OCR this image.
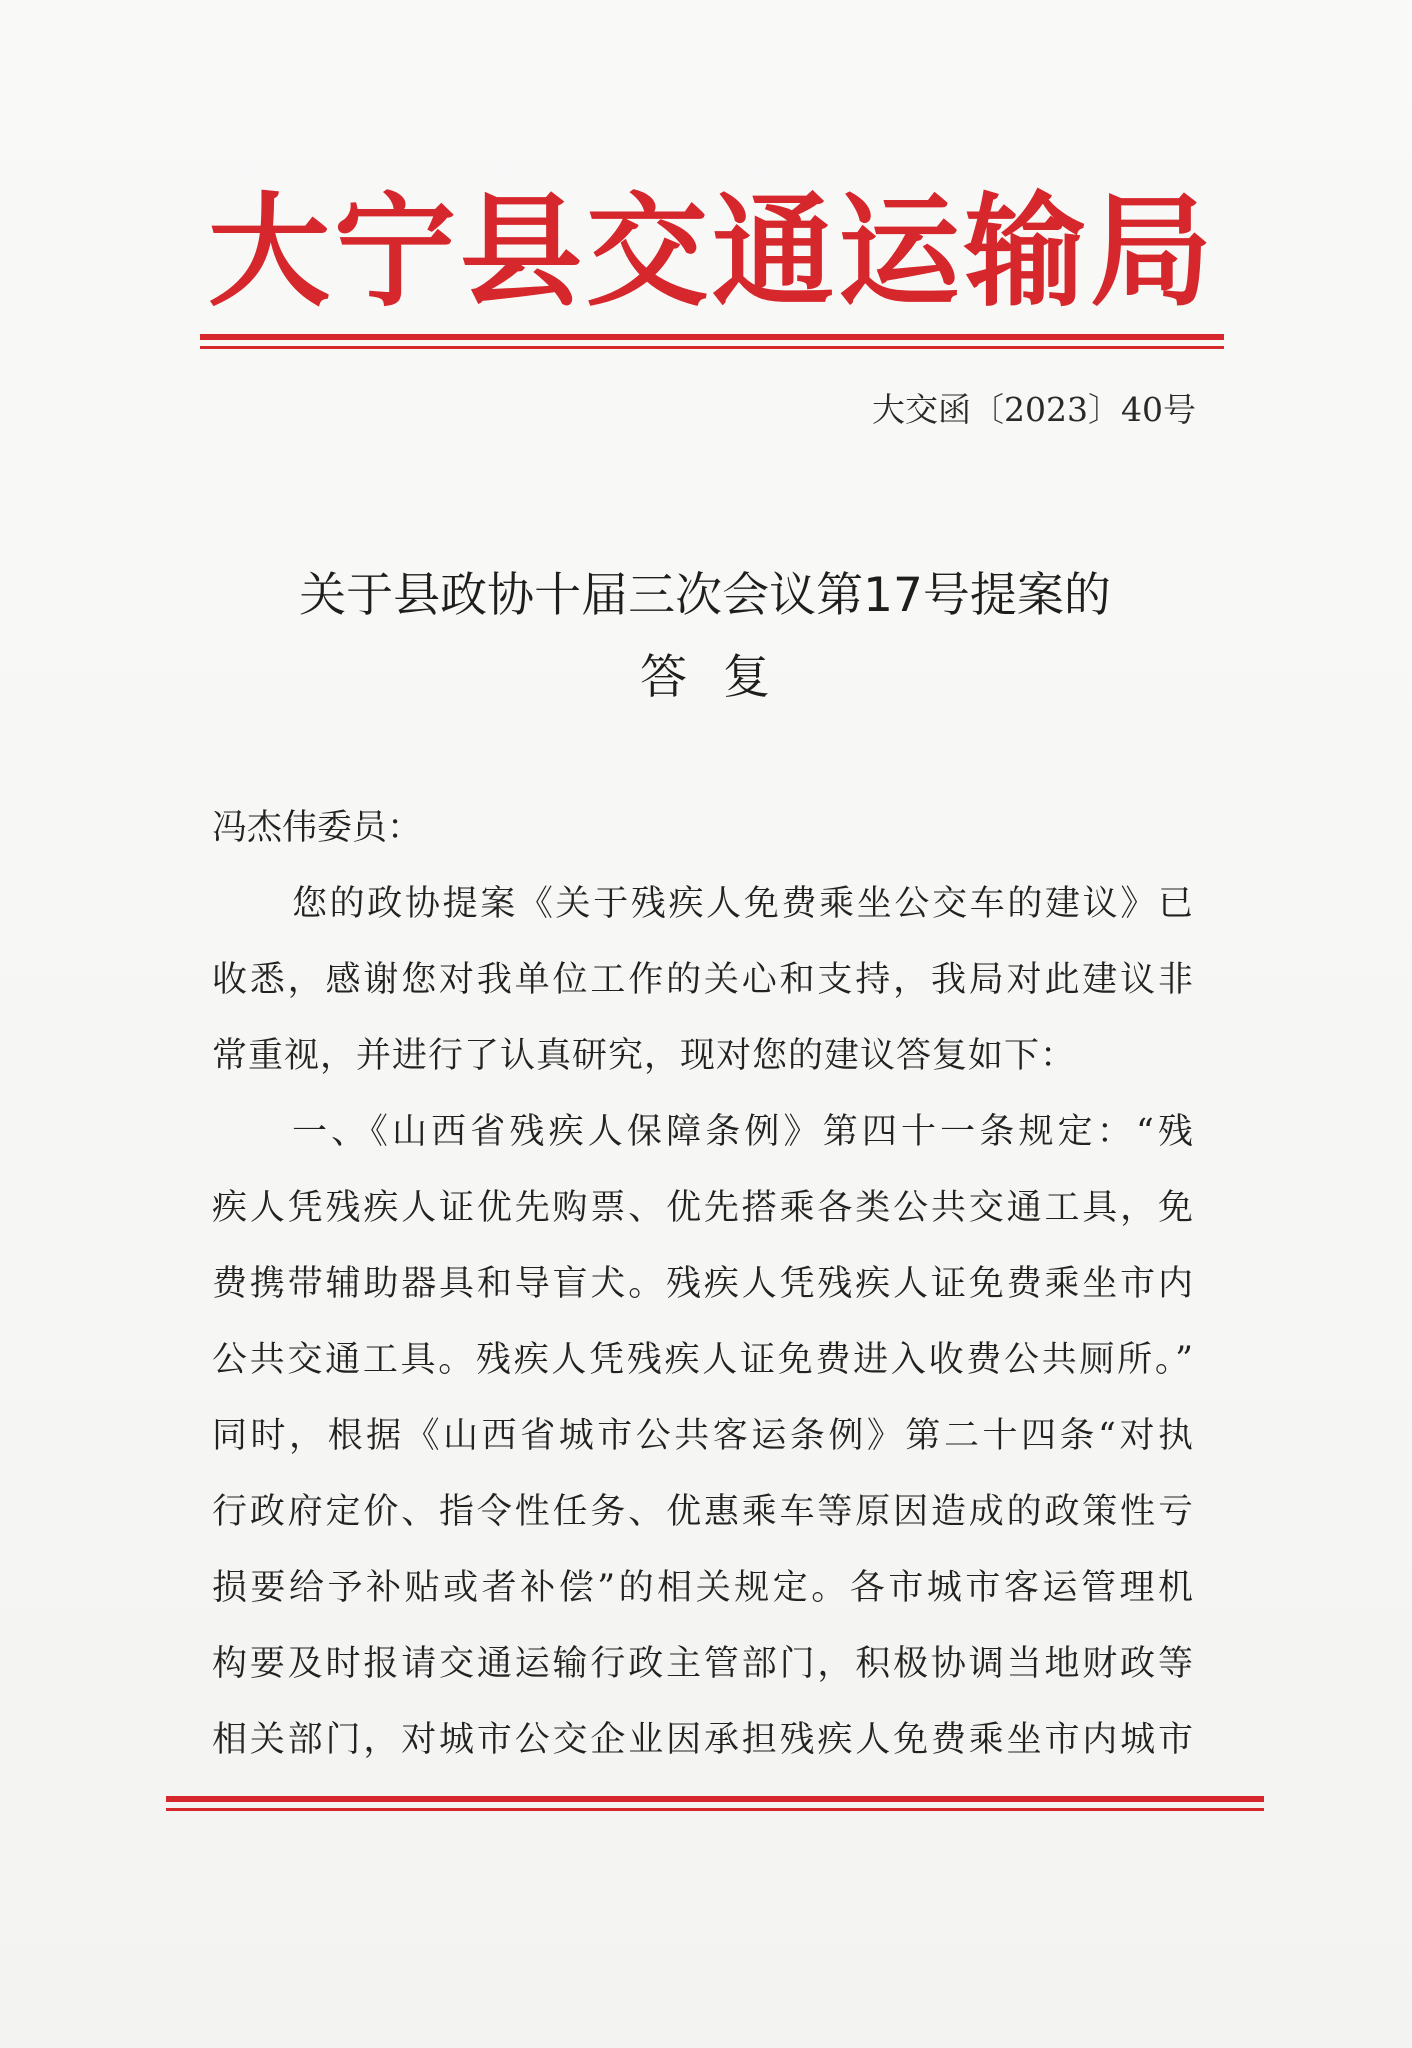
大宁县交通运输局
大交函〔2023〕40号
关于县政协十届三次会议第17号提案的
答复
冯杰伟委员：
您的政协提案《关于残疾人免费乘坐公交车的建议》已
收悉，感谢您对我单位工作的关心和支持，我局对此建议非
常重视，并进行了认真研究，现对您的建议答复如下：
一、《山西省残疾人保障条例》第四十一条规定：“残
疾人凭残疾人证优先购票、优先搭乘各类公共交通工具，免
费携带辅助器具和导盲犬。残疾人凭残疾人证免费乘坐市内
公共交通工具。残疾人凭残疾人证免费进入收费公共厕所。”
同时，根据《山西省城市公共客运条例》第二十四条“对执
行政府定价、指令性任务、优惠乘车等原因造成的政策性亏
损要给予补贴或者补偿”的相关规定。各市城市客运管理机
构要及时报请交通运输行政主管部门，积极协调当地财政等
相关部门，对城市公交企业因承担残疾人免费乘坐市内城市
